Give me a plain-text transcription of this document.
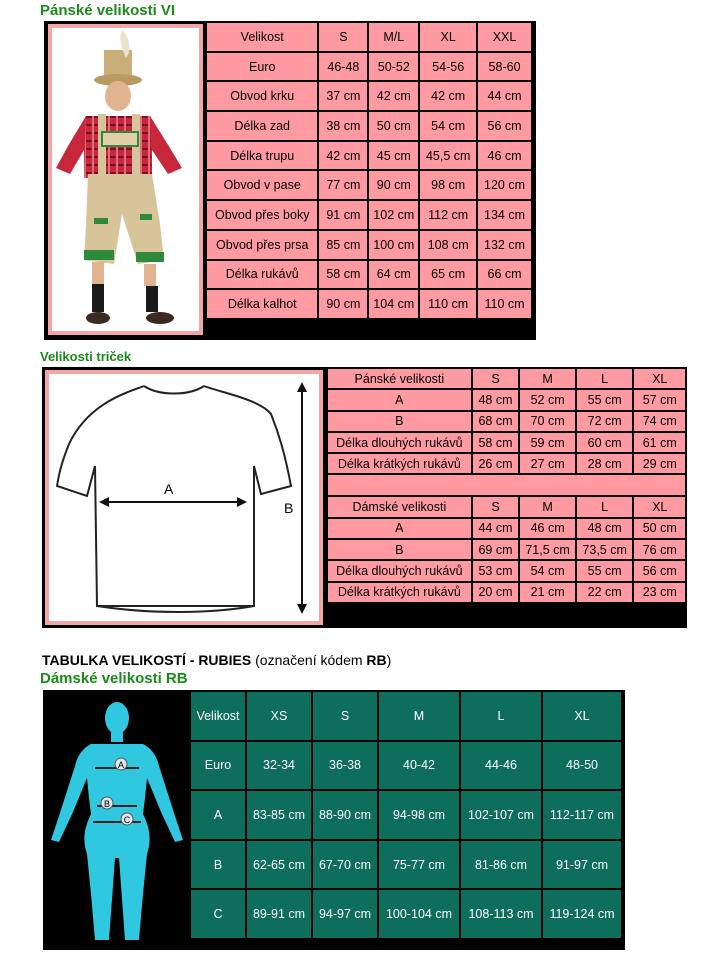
Pánské velikosti VI
Velikost	S	M/L	XL	XXL
Euro	46-48	50-52	54-56	58-60
Obvod krku	37 cm	42 cm	42 cm	44 cm
Délka zad	38 cm	50 cm	54 cm	56 cm
Délka trupu	42 cm	45 cm	45,5 cm	46 cm
Obvod v pase	77 cm	90 cm	98 cm	120 cm
Obvod přes boky	91 cm	102 cm	112 cm	134 cm
Obvod přes prsa	85 cm	100 cm	108 cm	132 cm
Délka rukávů	58 cm	64 cm	65 cm	66 cm
Délka kalhot	90 cm	104 cm	110 cm	110 cm
Velikosti triček
A
B
Pánské velikosti	S	M	L	XL
A	48 cm	52 cm	55 cm	57 cm
B	68 cm	70 cm	72 cm	74 cm
Délka dlouhých rukávů	58 cm	59 cm	60 cm	61 cm
Délka krátkých rukávů	26 cm	27 cm	28 cm	29 cm

Dámské velikosti	S	M	L	XL
A	44 cm	46 cm	48 cm	50 cm
B	69 cm	71,5 cm	73,5 cm	76 cm
Délka dlouhých rukávů	53 cm	54 cm	55 cm	56 cm
Délka krátkých rukávů	20 cm	21 cm	22 cm	23 cm
TABULKA VELIKOSTÍ - RUBIES (označení kódem RB)
Dámské velikosti RB
A
B
C
Velikost	XS	S	M	L	XL
Euro	32-34	36-38	40-42	44-46	48-50
A	83-85 cm	88-90 cm	94-98 cm	102-107 cm	112-117 cm
B	62-65 cm	67-70 cm	75-77 cm	81-86 cm	91-97 cm
C	89-91 cm	94-97 cm	100-104 cm	108-113 cm	119-124 cm
